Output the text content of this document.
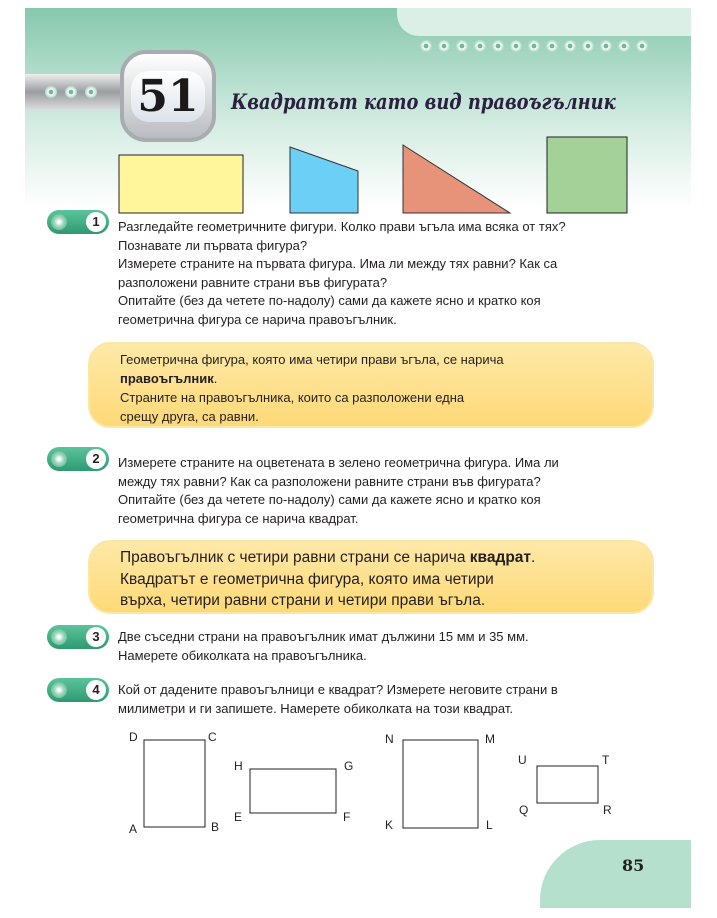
51 Квадратът като вид правоъгълник
1	Разгледайте геометричните фигури. Колко прави ъгъла има всяка от тях?
Познавате ли първата фигура?
Измерете страните на първата фигура. Има ли между тях равни? Как са
разположени равните страни във фигурата?
Опитайте (без да четете по-надолу) сами да кажете ясно и кратко коя
геометрична фигура се нарича правоъгълник.

Геометрична фигура, която има четири прави ъгъла, се нарича

правоъгълник.

Страните на правоъгълника, които са разположени една

срещу друга, са равни.

2	Измерете страните на оцветената в зелено геометрична фигура. Има ли
между тях равни? Как са разположени равните страни във фигурата?
Опитайте (без да четете по-надолу) сами да кажете ясно и кратко коя
геометрична фигура се нарича квадрат.

Правоъгълник с четири равни страни се нарича квадрат.

Квадратът е геометрична фигура, която има четири

върха, четири равни страни и четири прави ъгъла.

3	Две съседни страни на правоъгълник имат дължини 15 мм и 35 мм.
Намерете обиколката на правоъгълника.
4	Кой от дадените правоъгълници е квадрат? Измерете неговите страни в
милиметри и ги запишете. Намерете обиколката на този квадрат.
D	C
A	B
H	G
E	F
N	M
K	L
U	T
Q	R
85
